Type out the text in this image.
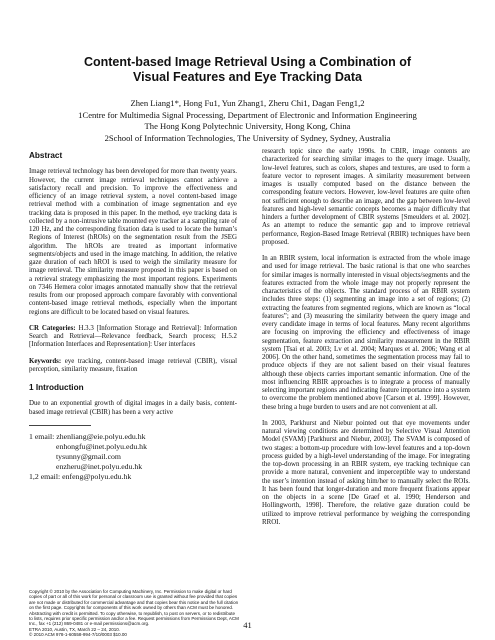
Content-based Image Retrieval Using a Combination of
Visual Features and Eye Tracking Data
Zhen Liang1*, Hong Fu1, Yun Zhang1, Zheru Chi1, Dagan Feng1,2
1Centre for Multimedia Signal Processing, Department of Electronic and Information Engineering
The Hong Kong Polytechnic University, Hong Kong, China
2School of Information Technologies, The University of Sydney, Sydney, Australia
Abstract
Image retrieval technology has been developed for more than twenty years. However, the current image retrieval techniques cannot achieve a satisfactory recall and precision. To improve the effectiveness and efficiency of an image retrieval system, a novel content-based image retrieval method with a combination of image segmentation and eye tracking data is proposed in this paper. In the method, eye tracking data is collected by a non-intrusive table mounted eye tracker at a sampling rate of 120 Hz, and the corresponding fixation data is used to locate the human’s Regions of Interest (hROIs) on the segmentation result from the JSEG algorithm. The hROIs are treated as important informative segments/objects and used in the image matching. In addition, the relative gaze duration of each hROI is used to weigh the similarity measure for image retrieval. The similarity measure proposed in this paper is based on a retrieval strategy emphasizing the most important regions. Experiments on 7346 Hemera color images annotated manually show that the retrieval results from our proposed approach compare favorably with conventional content-based image retrieval methods, especially when the important regions are difficult to be located based on visual features.
CR Categories: H.3.3 [Information Storage and Retrieval]: Information Search and Retrieval—Relevance feedback, Search process; H.5.2 [Information Interfaces and Representation]: User interfaces
Keywords: eye tracking, content-based image retrieval (CBIR), visual perception, similarity measure, fixation
1 Introduction
Due to an exponential growth of digital images in a daily basis, content-based image retrieval (CBIR) has been a very active
1 email: zhenliang@eie.polyu.edu.hk
enhongfu@inet.polyu.edu.hk
tysunny@gmail.com
enzheru@inet.polyu.edu.hk
1,2 email: enfeng@polyu.edu.hk
Copyright © 2010 by the Association for Computing Machinery, Inc. Permission to make digital or hard copies of part or all of this work for personal or classroom use is granted without fee provided that copies are not made or distributed for commercial advantage and that copies bear this notice and the full citation on the first page. Copyrights for components of this work owned by others than ACM must be honored. Abstracting with credit is permitted. To copy otherwise, to republish, to post on servers, or to redistribute to lists, requires prior specific permission and/or a fee. Request permissions from Permissions Dept, ACM Inc., fax +1 (212) 869-0481 or e-mail permissions@acm.org.
ETRA 2010, Austin, TX, March 22 – 24, 2010.
© 2010 ACM 978-1-60558-994-7/10/0003 $10.00
research topic since the early 1990s. In CBIR, image contents are characterized for searching similar images to the query image. Usually, low-level features, such as colors, shapes and textures, are used to form a feature vector to represent images. A similarity measurement between images is usually computed based on the distance between the corresponding feature vectors. However, low-level features are quite often not sufficient enough to describe an image, and the gap between low-level features and high-level semantic concepts becomes a major difficulty that hinders a further development of CBIR systems [Smeulders et al. 2002]. As an attempt to reduce the semantic gap and to improve retrieval performance, Region-Based Image Retrieval (RBIR) techniques have been proposed.
In an RBIR system, local information is extracted from the whole image and used for image retrieval. The basic rational is that one who searches for similar images is normally interested in visual objects/segments and the features extracted from the whole image may not properly represent the characteristics of the objects. The standard process of an RBIR system includes three steps: (1) segmenting an image into a set of regions; (2) extracting the features from segmented regions, which are known as “local features”; and (3) measuring the similarity between the query image and every candidate image in terms of local features. Many recent algorithms are focusing on improving the efficiency and effectiveness of image segmentation, feature extraction and similarity measurement in the RBIR system [Tsai et al. 2003; Lv et al. 2004; Marques et al. 2006; Wang et al 2006]. On the other hand, sometimes the segmentation process may fail to produce objects if they are not salient based on their visual features although these objects carries important semantic information. One of the most influencing RBIR approaches is to integrate a process of manually selecting important regions and indicating feature importance into a system to overcome the problem mentioned above [Carson et al. 1999]. However, these bring a huge burden to users and are not convenient at all.
In 2003, Parkhurst and Niebur pointed out that eye movements under natural viewing conditions are determined by Selective Visual Attention Model (SVAM) [Parkhurst and Niebur, 2003]. The SVAM is composed of two stages: a bottom-up procedure with low-level features and a top-down process guided by a high-level understanding of the image. For integrating the top-down processing in an RBIR system, eye tracking technique can provide a more natural, convenient and imperceptible way to understand the user’s intention instead of asking him/her to manually select the ROIs. It has been found that longer-duration and more frequent fixations appear on the objects in a scene [De Graef et al. 1990; Henderson and Hollingworth, 1998]. Therefore, the relative gaze duration could be utilized to improve retrieval performance by weighing the corresponding RROI.
41
